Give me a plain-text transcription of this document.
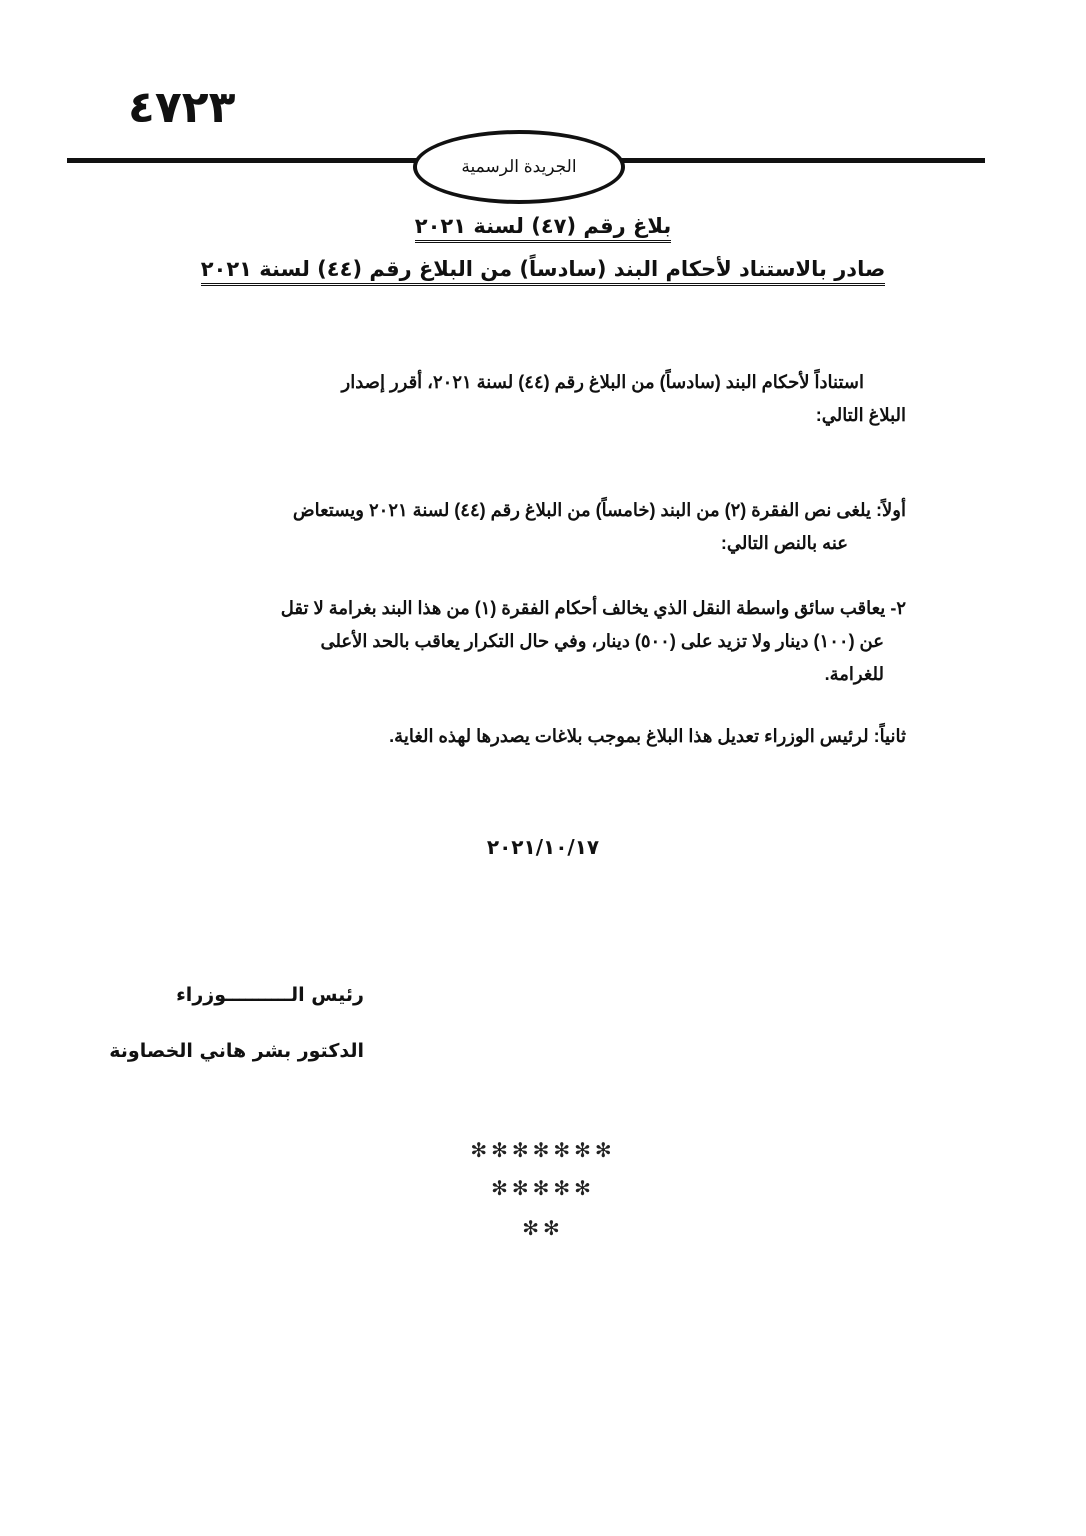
٤٧٢٣
الجريدة الرسمية
بلاغ رقم (٤٧) لسنة ٢٠٢١
صادر بالاستناد لأحكام البند (سادساً) من البلاغ رقم (٤٤) لسنة ٢٠٢١
استناداً لأحكام البند (سادساً) من البلاغ رقم (٤٤) لسنة ٢٠٢١، أقرر إصدار
البلاغ التالي:
أولاً: يلغى نص الفقرة (٢) من البند (خامساً) من البلاغ رقم (٤٤) لسنة ٢٠٢١ ويستعاض
عنه بالنص التالي:
٢- يعاقب سائق واسطة النقل الذي يخالف أحكام الفقرة (١) من هذا البند بغرامة لا تقل
عن (١٠٠) دينار ولا تزيد على (٥٠٠) دينار، وفي حال التكرار يعاقب بالحد الأعلى
للغرامة.
ثانياً: لرئيس الوزراء تعديل هذا البلاغ بموجب بلاغات يصدرها لهذه الغاية.
٢٠٢١/١٠/١٧
رئيس الــــــــــوزراء
الدكتور بشر هاني الخصاونة
✻✻✻✻✻✻✻
✻✻✻✻✻
✻✻
